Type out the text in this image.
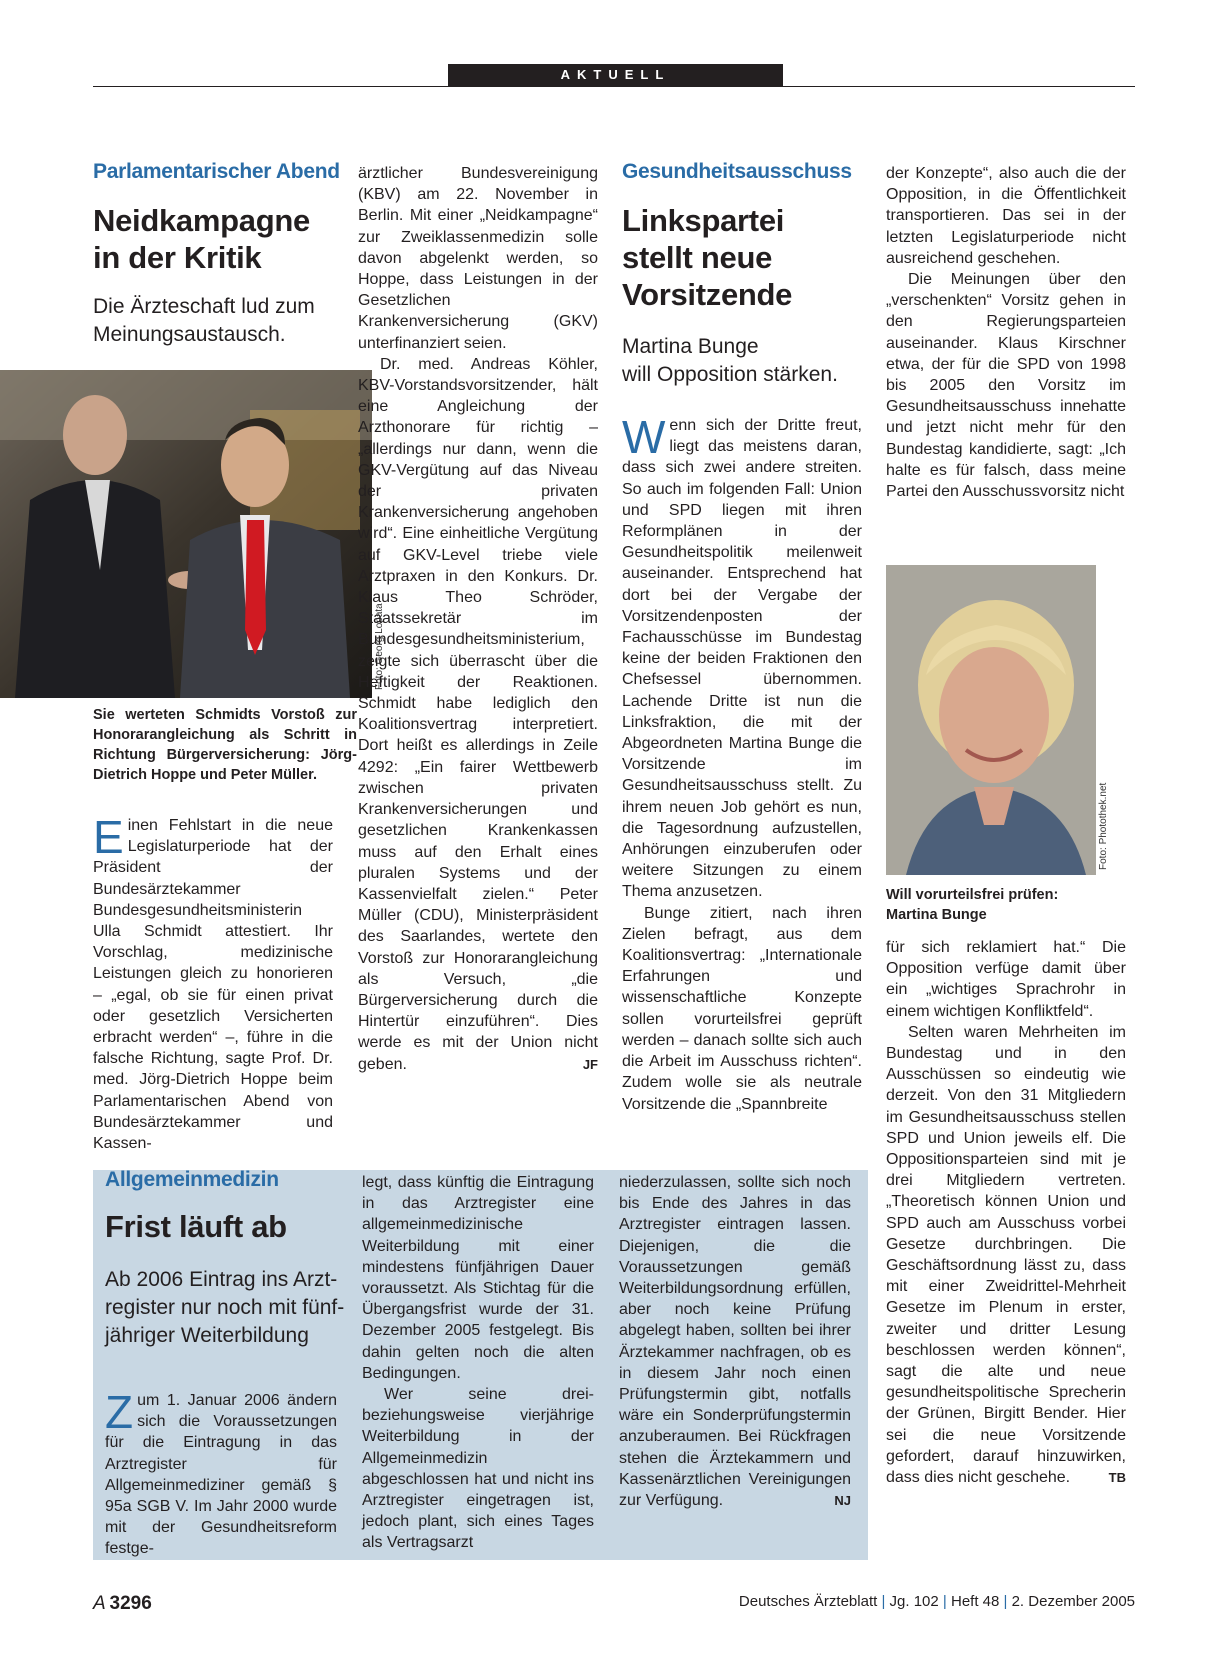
AKTUELL
Parlamentarischer Abend
Neidkampagne
in der Kritik
Die Ärzteschaft lud zum
Meinungsaustausch.
Foto: Georg Lopata
Sie werteten Schmidts Vorstoß zur Honorarangleichung als Schritt in Richtung Bürgerversicherung: Jörg-Dietrich Hoppe und Peter Müller.

Einen Fehlstart in die neue Legislaturperiode hat der Präsident der Bundesärztekammer Bundesgesundheitsministerin Ulla Schmidt attestiert. Ihr Vorschlag, medizinische Leistungen gleich zu honorieren – „egal, ob sie für einen privat oder gesetzlich Versicherten erbracht werden“ –, führe in die falsche Richtung, sagte Prof. Dr. med. Jörg-Dietrich Hoppe beim Parlamentarischen Abend von Bundesärztekammer und Kassen-

ärztlicher Bundesvereinigung (KBV) am 22. November in Berlin. Mit einer „Neidkampagne“ zur Zweiklassenmedizin solle davon abgelenkt werden, so Hoppe, dass Leistungen in der Gesetzlichen Krankenversicherung (GKV) unterfinanziert seien.

Dr. med. Andreas Köhler, KBV-Vorstandsvorsitzender, hält eine Angleichung der Arzthonorare für richtig – „allerdings nur dann, wenn die GKV-Vergütung auf das Niveau der privaten Krankenversicherung angehoben wird“. Eine einheitliche Vergütung auf GKV-Level triebe viele Arztpraxen in den Konkurs. Dr. Klaus Theo Schröder, Staatssekretär im Bundesgesundheitsministerium, zeigte sich überrascht über die Heftigkeit der Reaktionen. Schmidt habe lediglich den Koalitionsvertrag interpretiert. Dort heißt es allerdings in Zeile 4292: „Ein fairer Wettbewerb zwischen privaten Krankenversicherungen und gesetzlichen Krankenkassen muss auf den Erhalt eines pluralen Systems und der Kassenvielfalt zielen.“ Peter Müller (CDU), Ministerpräsident des Saarlandes, wertete den Vorstoß zur Honorarangleichung als Versuch, „die Bürgerversicherung durch die Hintertür einzuführen“. Dies werde es mit der Union nicht geben.	JF

Gesundheitsausschuss
Linkspartei
stellt neue
Vorsitzende
Martina Bunge
will Opposition stärken.

Wenn sich der Dritte freut, liegt das meistens daran, dass sich zwei andere streiten. So auch im folgenden Fall: Union und SPD liegen mit ihren Reformplänen in der Gesundheitspolitik meilenweit auseinander. Entsprechend hat dort bei der Vergabe der Vorsitzendenposten der Fachausschüsse im Bundestag keine der beiden Fraktionen den Chefsessel übernommen. Lachende Dritte ist nun die Linksfraktion, die mit der Abgeordneten Martina Bunge die Vorsitzende im Gesundheitsausschuss stellt. Zu ihrem neuen Job gehört es nun, die Tagesordnung aufzustellen, Anhörungen einzuberufen oder weitere Sitzungen zu einem Thema anzusetzen.

Bunge zitiert, nach ihren Zielen befragt, aus dem Koalitionsvertrag: „Internationale Erfahrungen und wissenschaftliche Konzepte sollen vorurteilsfrei geprüft werden – danach sollte sich auch die Arbeit im Ausschuss richten“. Zudem wolle sie als neutrale Vorsitzende die „Spannbreite

der Konzepte“, also auch die der Opposition, in die Öffentlichkeit transportieren. Das sei in der letzten Legislaturperiode nicht ausreichend geschehen.

Die Meinungen über den „verschenkten“ Vorsitz gehen in den Regierungsparteien auseinander. Klaus Kirschner etwa, der für die SPD von 1998 bis 2005 den Vorsitz im Gesundheitsausschuss innehatte und jetzt nicht mehr für den Bundestag kandidierte, sagt: „Ich halte es für falsch, dass meine Partei den Ausschussvorsitz nicht

Foto: Photothek.net
Will vorurteilsfrei prüfen:
Martina Bunge

für sich reklamiert hat.“ Die Opposition verfüge damit über ein „wichtiges Sprachrohr in einem wichtigen Konfliktfeld“.

Selten waren Mehrheiten im Bundestag und in den Ausschüssen so eindeutig wie derzeit. Von den 31 Mitgliedern im Gesundheitsausschuss stellen SPD und Union jeweils elf. Die Oppositionsparteien sind mit je drei Mitgliedern vertreten. „Theoretisch können Union und SPD auch am Ausschuss vorbei Gesetze durchbringen. Die Geschäftsordnung lässt zu, dass mit einer Zweidrittel-Mehrheit Gesetze im Plenum in erster, zweiter und dritter Lesung beschlossen werden können“, sagt die alte und neue gesundheitspolitische Sprecherin der Grünen, Birgitt Bender. Hier sei die neue Vorsitzende gefordert, darauf hinzuwirken, dass dies nicht geschehe.	TB

Allgemeinmedizin
Frist läuft ab
Ab 2006 Eintrag ins Arzt-
register nur noch mit fünf-
jähriger Weiterbildung

Zum 1. Januar 2006 ändern sich die Voraussetzungen für die Eintragung in das Arztregister für Allgemeinmediziner gemäß § 95a SGB V. Im Jahr 2000 wurde mit der Gesundheitsreform festge-

legt, dass künftig die Eintragung in das Arztregister eine allgemeinmedizinische Weiterbildung mit einer mindestens fünfjährigen Dauer voraussetzt. Als Stichtag für die Übergangsfrist wurde der 31. Dezember 2005 festgelegt. Bis dahin gelten noch die alten Bedingungen.

Wer seine drei- beziehungsweise vierjährige Weiterbildung in der Allgemeinmedizin abgeschlossen hat und nicht ins Arztregister eingetragen ist, jedoch plant, sich eines Tages als Vertragsarzt

niederzulassen, sollte sich noch bis Ende des Jahres in das Arztregister eintragen lassen. Diejenigen, die die Voraussetzungen gemäß Weiterbildungsordnung erfüllen, aber noch keine Prüfung abgelegt haben, sollten bei ihrer Ärztekammer nachfragen, ob es in diesem Jahr noch einen Prüfungstermin gibt, notfalls wäre ein Sonderprüfungstermin anzuberaumen. Bei Rückfragen stehen die Ärztekammern und Kassenärztlichen Vereinigungen zur Verfügung.	NJ

A  3296	Deutsches Ärzteblatt | Jg. 102 | Heft 48 | 2. Dezember 2005
